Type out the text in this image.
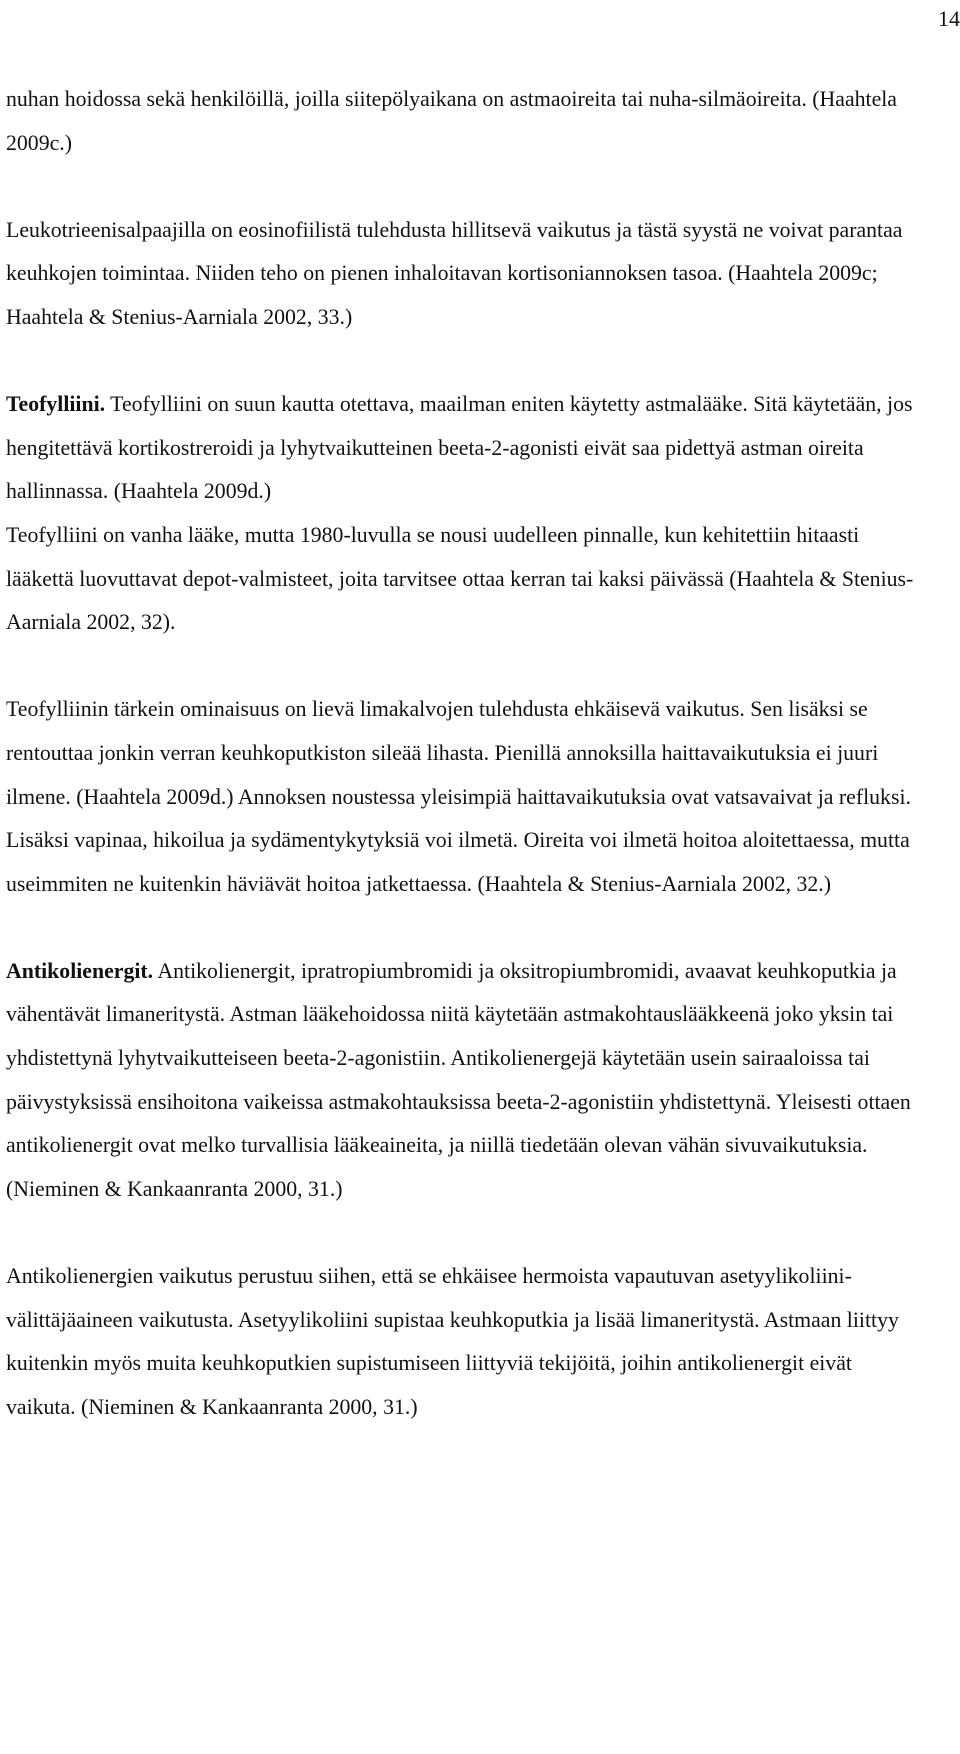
14

nuhan hoidossa sekä henkilöillä, joilla siitepölyaikana on astmaoireita tai nuha-silmäoireita. (Haahtela 2009c.)

Leukotrieenisalpaajilla on eosinofiilistä tulehdusta hillitsevä vaikutus ja tästä syystä ne voivat parantaa keuhkojen toimintaa. Niiden teho on pienen inhaloitavan kortisoniannoksen tasoa. (Haahtela 2009c; Haahtela & Stenius-Aarniala 2002, 33.)

Teofylliini. Teofylliini on suun kautta otettava, maailman eniten käytetty astmalääke. Sitä käytetään, jos hengitettävä kortikostreroidi ja lyhytvaikutteinen beeta-2-agonisti eivät saa pidettyä astman oireita hallinnassa. (Haahtela 2009d.)

Teofylliini on vanha lääke, mutta 1980-luvulla se nousi uudelleen pinnalle, kun kehitettiin hitaasti lääkettä luovuttavat depot-valmisteet, joita tarvitsee ottaa kerran tai kaksi päivässä (Haahtela & Stenius-Aarniala 2002, 32).

Teofylliinin tärkein ominaisuus on lievä limakalvojen tulehdusta ehkäisevä vaikutus. Sen lisäksi se rentouttaa jonkin verran keuhkoputkiston sileää lihasta. Pienillä annoksilla haittavaikutuksia ei juuri ilmene. (Haahtela 2009d.) Annoksen noustessa yleisimpiä haittavaikutuksia ovat vatsavaivat ja refluksi. Lisäksi vapinaa, hikoilua ja sydämentykytyksiä voi ilmetä. Oireita voi ilmetä hoitoa aloitettaessa, mutta useimmiten ne kuitenkin häviävät hoitoa jatkettaessa. (Haahtela & Stenius-Aarniala 2002, 32.)

Antikolienergit. Antikolienergit, ipratropiumbromidi ja oksitropiumbromidi, avaavat keuhkoputkia ja vähentävät limaneritystä. Astman lääkehoidossa niitä käytetään astmakohtauslääkkeenä joko yksin tai yhdistettynä lyhytvaikutteiseen beeta-2-agonistiin. Antikolienergejä käytetään usein sairaaloissa tai päivystyksissä ensihoitona vaikeissa astmakohtauksissa beeta-2-agonistiin yhdistettynä. Yleisesti ottaen antikolienergit ovat melko turvallisia lääkeaineita, ja niillä tiedetään olevan vähän sivuvaikutuksia. (Nieminen & Kankaanranta 2000, 31.)

Antikolienergien vaikutus perustuu siihen, että se ehkäisee hermoista vapautuvan asetyylikoliini-välittäjäaineen vaikutusta. Asetyylikoliini supistaa keuhkoputkia ja lisää limaneritystä. Astmaan liittyy kuitenkin myös muita keuhkoputkien supistumiseen liittyviä tekijöitä, joihin antikolienergit eivät vaikuta. (Nieminen & Kankaanranta 2000, 31.)
